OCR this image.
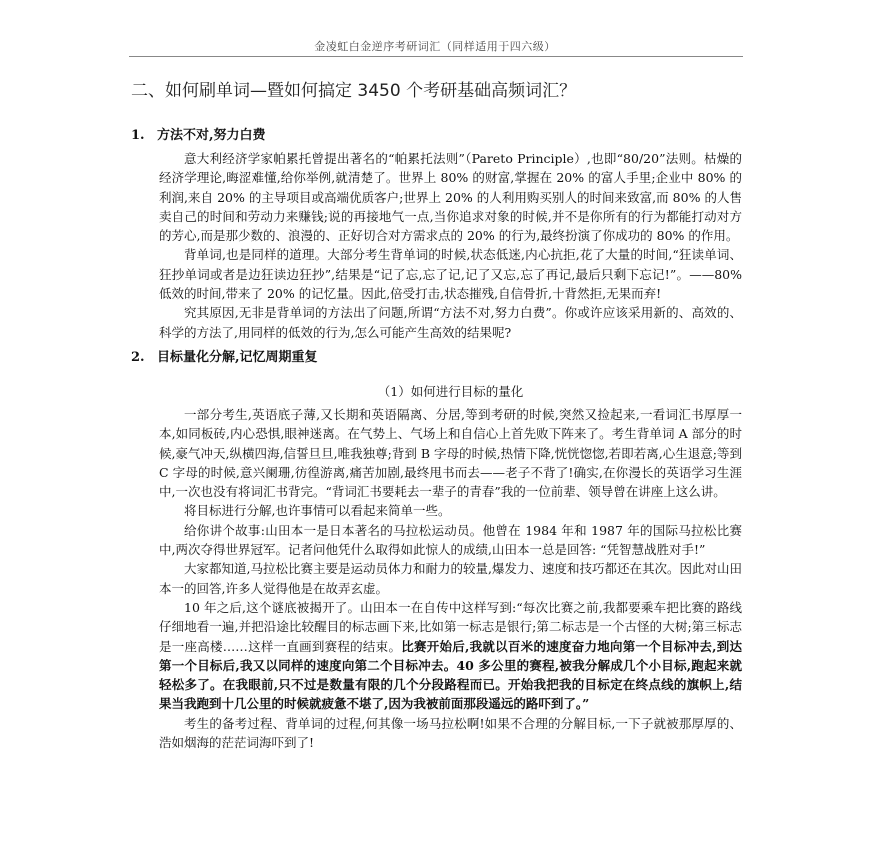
金凌虹白金逆序考研词汇（同样适用于四六级）
二、如何刷单词—暨如何搞定 3450 个考研基础高频词汇？
1. 方法不对,努力白费

意大利经济学家帕累托曾提出著名的“帕累托法则”（Pareto Principle）,也即“80/20”法则。枯燥的经济学理论,晦涩难懂,给你举例,就清楚了。世界上 80% 的财富,掌握在 20% 的富人手里;企业中 80% 的利润,来自 20% 的主导项目或高端优质客户;世界上 20% 的人利用购买别人的时间来致富,而 80% 的人售卖自己的时间和劳动力来赚钱;说的再接地气一点,当你追求对象的时候,并不是你所有的行为都能打动对方的芳心,而是那少数的、浪漫的、正好切合对方需求点的 20% 的行为,最终扮演了你成功的 80% 的作用。

背单词,也是同样的道理。大部分考生背单词的时候,状态低迷,内心抗拒,花了大量的时间,“狂读单词、狂抄单词或者是边狂读边狂抄”,结果是“记了忘,忘了记,记了又忘,忘了再记,最后只剩下忘记!”。——80% 低效的时间,带来了 20% 的记忆量。因此,倍受打击,状态摧残,自信骨折,十背然拒,无果而弃!

究其原因,无非是背单词的方法出了问题,所谓“方法不对,努力白费”。你或许应该采用新的、高效的、科学的方法了,用同样的低效的行为,怎么可能产生高效的结果呢?

2. 目标量化分解,记忆周期重复
（1）如何进行目标的量化

一部分考生,英语底子薄,又长期和英语隔离、分居,等到考研的时候,突然又捡起来,一看词汇书厚厚一本,如同板砖,内心恐惧,眼神迷离。在气势上、气场上和自信心上首先败下阵来了。考生背单词 A 部分的时候,豪气冲天,纵横四海,信誓旦旦,唯我独尊;背到 B 字母的时候,热情下降,恍恍惚惚,若即若离,心生退意;等到 C 字母的时候,意兴阑珊,彷徨游离,痛苦加剧,最终甩书而去——老子不背了!确实,在你漫长的英语学习生涯中,一次也没有将词汇书背完。“背词汇书要耗去一辈子的青春”我的一位前辈、领导曾在讲座上这么讲。

将目标进行分解,也许事情可以看起来简单一些。

给你讲个故事:山田本一是日本著名的马拉松运动员。他曾在 1984 年和 1987 年的国际马拉松比赛中,两次夺得世界冠军。记者问他凭什么取得如此惊人的成绩,山田本一总是回答: “凭智慧战胜对手!”

大家都知道,马拉松比赛主要是运动员体力和耐力的较量,爆发力、速度和技巧都还在其次。因此对山田本一的回答,许多人觉得他是在故弄玄虚。

10 年之后,这个谜底被揭开了。山田本一在自传中这样写到:“每次比赛之前,我都要乘车把比赛的路线仔细地看一遍,并把沿途比较醒目的标志画下来,比如第一标志是银行;第二标志是一个古怪的大树;第三标志是一座高楼……这样一直画到赛程的结束。比赛开始后,我就以百米的速度奋力地向第一个目标冲去,到达第一个目标后,我又以同样的速度向第二个目标冲去。40 多公里的赛程,被我分解成几个小目标,跑起来就轻松多了。在我眼前,只不过是数量有限的几个分段路程而已。开始我把我的目标定在终点线的旗帜上,结果当我跑到十几公里的时候就疲惫不堪了,因为我被前面那段遥远的路吓到了。”

考生的备考过程、背单词的过程,何其像一场马拉松啊!如果不合理的分解目标,一下子就被那厚厚的、浩如烟海的茫茫词海吓到了!
